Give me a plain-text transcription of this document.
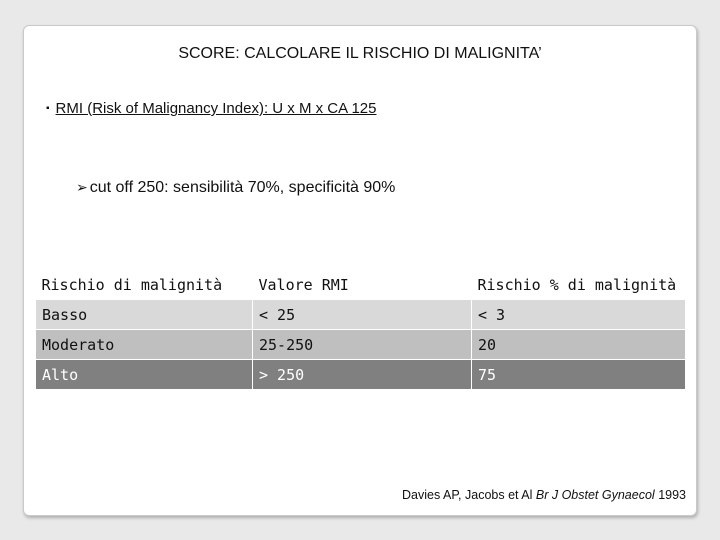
SCORE: CALCOLARE IL RISCHIO DI MALIGNITA’
▪ RMI (Risk of Malignancy Index): U x M x CA 125
➢ cut off 250: sensibilità 70%, specificità 90%
Rischio di malignità	Valore RMI	Rischio % di malignità
Basso	< 25	< 3
Moderato	25-250	20
Alto	> 250	75
Davies AP, Jacobs et Al Br J Obstet Gynaecol 1993
